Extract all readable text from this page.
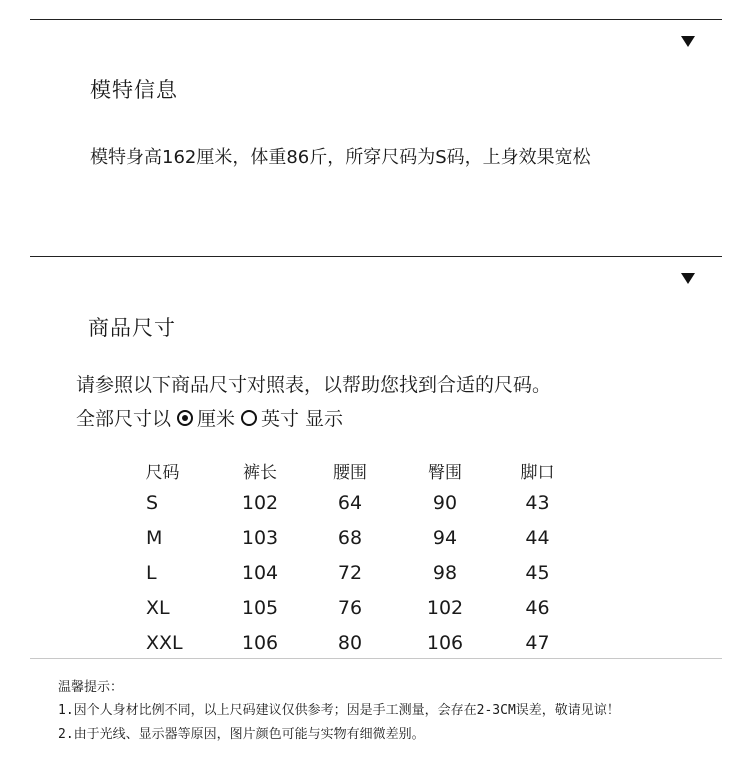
模特信息
模特身高162厘米，体重86斤，所穿尺码为S码，上身效果宽松
商品尺寸
请参照以下商品尺寸对照表，以帮助您找到合适的尺码。
全部尺寸以 厘米 英寸 显示
尺码	裤长	腰围	臀围	脚口
S	102	64	90	43
M	103	68	94	44
L	104	72	98	45
XL	105	76	102	46
XXL	106	80	106	47
温馨提示：
1.因个人身材比例不同，以上尺码建议仅供参考；因是手工测量，会存在2-3CM误差，敬请见谅！
2.由于光线、显示器等原因，图片颜色可能与实物有细微差别。
